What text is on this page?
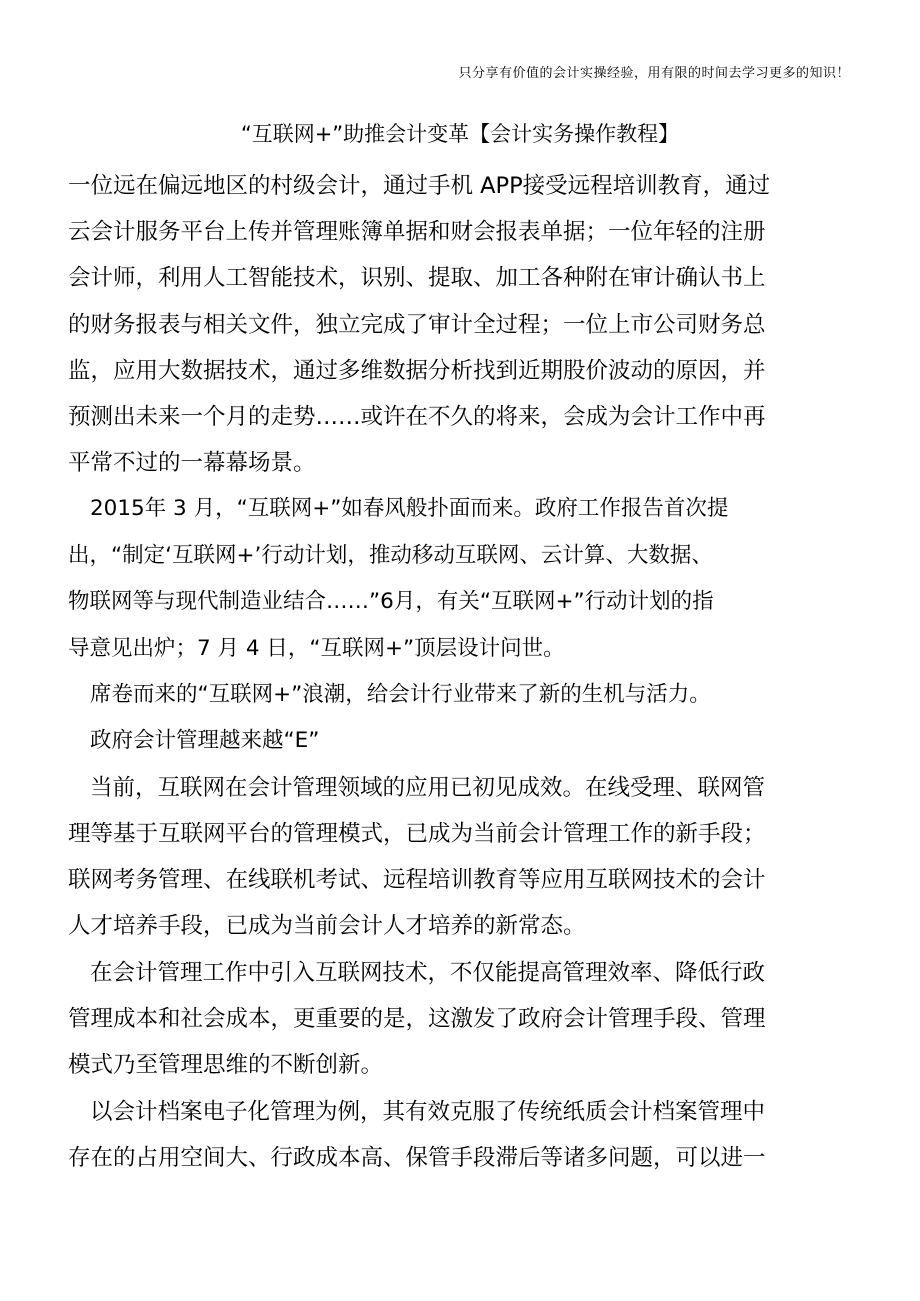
只分享有价值的会计实操经验，用有限的时间去学习更多的知识！
“互联网+”助推会计变革【会计实务操作教程】
一位远在偏远地区的村级会计，通过手机 APP接受远程培训教育，通过
云会计服务平台上传并管理账簿单据和财会报表单据；一位年轻的注册
会计师，利用人工智能技术，识别、提取、加工各种附在审计确认书上
的财务报表与相关文件，独立完成了审计全过程；一位上市公司财务总
监，应用大数据技术，通过多维数据分析找到近期股价波动的原因，并
预测出未来一个月的走势……或许在不久的将来，会成为会计工作中再
平常不过的一幕幕场景。
2015年 3 月，“互联网+”如春风般扑面而来。政府工作报告首次提
出，“制定‘互联网+’行动计划，推动移动互联网、云计算、大数据、
物联网等与现代制造业结合……”6月，有关“互联网+”行动计划的指
导意见出炉；7 月 4 日，“互联网+”顶层设计问世。
席卷而来的“互联网+”浪潮，给会计行业带来了新的生机与活力。
政府会计管理越来越“E”
当前，互联网在会计管理领域的应用已初见成效。在线受理、联网管
理等基于互联网平台的管理模式，已成为当前会计管理工作的新手段；
联网考务管理、在线联机考试、远程培训教育等应用互联网技术的会计
人才培养手段，已成为当前会计人才培养的新常态。
在会计管理工作中引入互联网技术，不仅能提高管理效率、降低行政
管理成本和社会成本，更重要的是，这激发了政府会计管理手段、管理
模式乃至管理思维的不断创新。
以会计档案电子化管理为例，其有效克服了传统纸质会计档案管理中
存在的占用空间大、行政成本高、保管手段滞后等诸多问题，可以进一
